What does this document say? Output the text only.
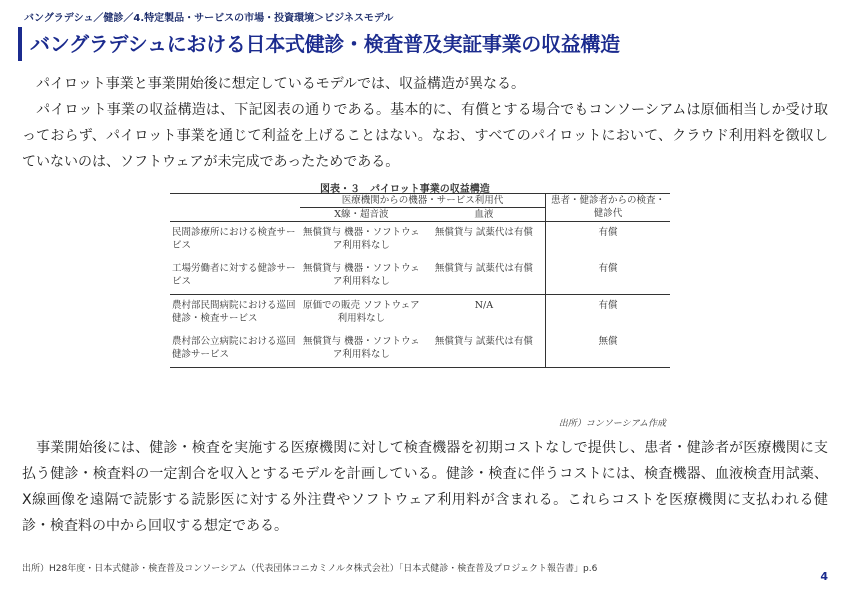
バングラデシュ／健診／4.特定製品・サービスの市場・投資環境＞ビジネスモデル
バングラデシュにおける日本式健診・検査普及実証事業の収益構造

　パイロット事業と事業開始後に想定しているモデルでは、収益構造が異なる。

　パイロット事業の収益構造は、下記図表の通りである。基本的に、有償とする場合でもコンソーシアムは原価相当しか受け取っておらず、パイロット事業を通じて利益を上げることはない。なお、すべてのパイロットにおいて、クラウド利用料を徴収していないのは、ソフトウェアが未完成であったためである。

図表・３　パイロット事業の収益構造
	医療機関からの機器・サービス利用代		患者・健診者からの検査・健診代
	X線・超音波	血液	
民間診療所における検査サービス	無償貸与 機器・ソフトウェア利用料なし	無償貸与 試薬代は有償	有償
工場労働者に対する健診サービス	無償貸与 機器・ソフトウェア利用料なし	無償貸与 試薬代は有償	有償
農村部民間病院における巡回健診・検査サービス	原価での販売 ソフトウェア利用料なし	N/A	有償
農村部公立病院における巡回健診サービス	無償貸与 機器・ソフトウェア利用料なし	無償貸与 試薬代は有償	無償
出所）コンソーシアム作成

　事業開始後には、健診・検査を実施する医療機関に対して検査機器を初期コストなしで提供し、患者・健診者が医療機関に支払う健診・検査料の一定割合を収入とするモデルを計画している。健診・検査に伴うコストには、検査機器、血液検査用試薬、X線画像を遠隔で読影する読影医に対する外注費やソフトウェア利用料が含まれる。これらコストを医療機関に支払われる健診・検査料の中から回収する想定である。

出所）H28年度・日本式健診・検査普及コンソーシアム（代表団体コニカミノルタ株式会社）「日本式健診・検査普及プロジェクト報告書」p.6
4
